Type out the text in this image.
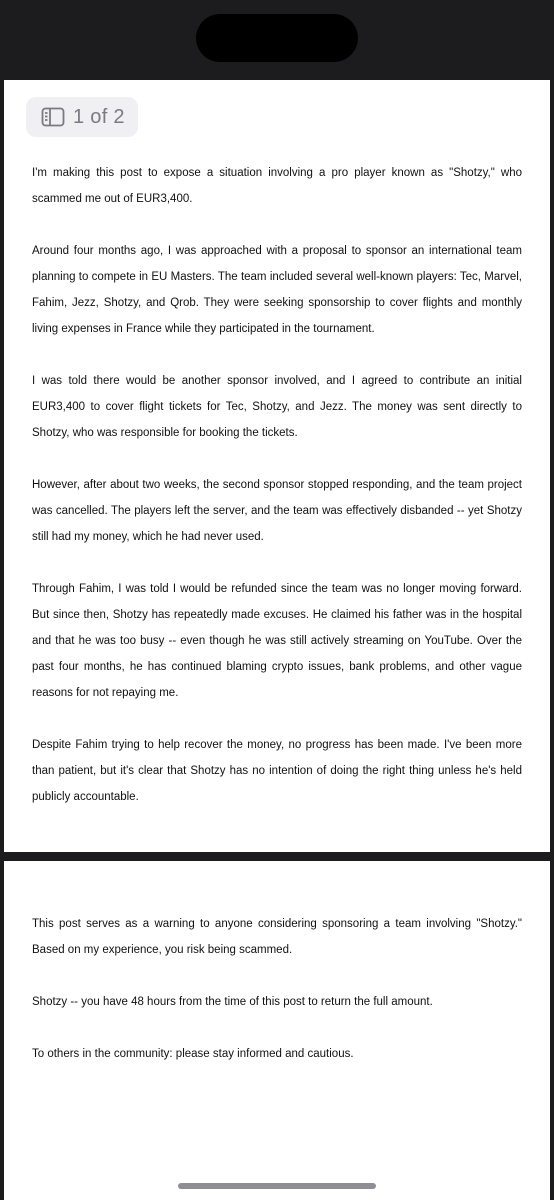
1 of 2

I'm making this post to expose a situation involving a pro player known as "Shotzy," who scammed me out of EUR3,400.

Around four months ago, I was approached with a proposal to sponsor an international team planning to compete in EU Masters. The team included several well-known players: Tec, Marvel, Fahim, Jezz, Shotzy, and Qrob. They were seeking sponsorship to cover flights and monthly living expenses in France while they participated in the tournament.

I was told there would be another sponsor involved, and I agreed to contribute an initial EUR3,400 to cover flight tickets for Tec, Shotzy, and Jezz. The money was sent directly to Shotzy, who was responsible for booking the tickets.

However, after about two weeks, the second sponsor stopped responding, and the team project was cancelled. The players left the server, and the team was effectively disbanded -- yet Shotzy still had my money, which he had never used.

Through Fahim, I was told I would be refunded since the team was no longer moving forward. But since then, Shotzy has repeatedly made excuses. He claimed his father was in the hospital and that he was too busy -- even though he was still actively streaming on YouTube. Over the past four months, he has continued blaming crypto issues, bank problems, and other vague reasons for not repaying me.

Despite Fahim trying to help recover the money, no progress has been made. I've been more than patient, but it's clear that Shotzy has no intention of doing the right thing unless he's held publicly accountable.

This post serves as a warning to anyone considering sponsoring a team involving "Shotzy." Based on my experience, you risk being scammed.

Shotzy -- you have 48 hours from the time of this post to return the full amount.

To others in the community: please stay informed and cautious.
